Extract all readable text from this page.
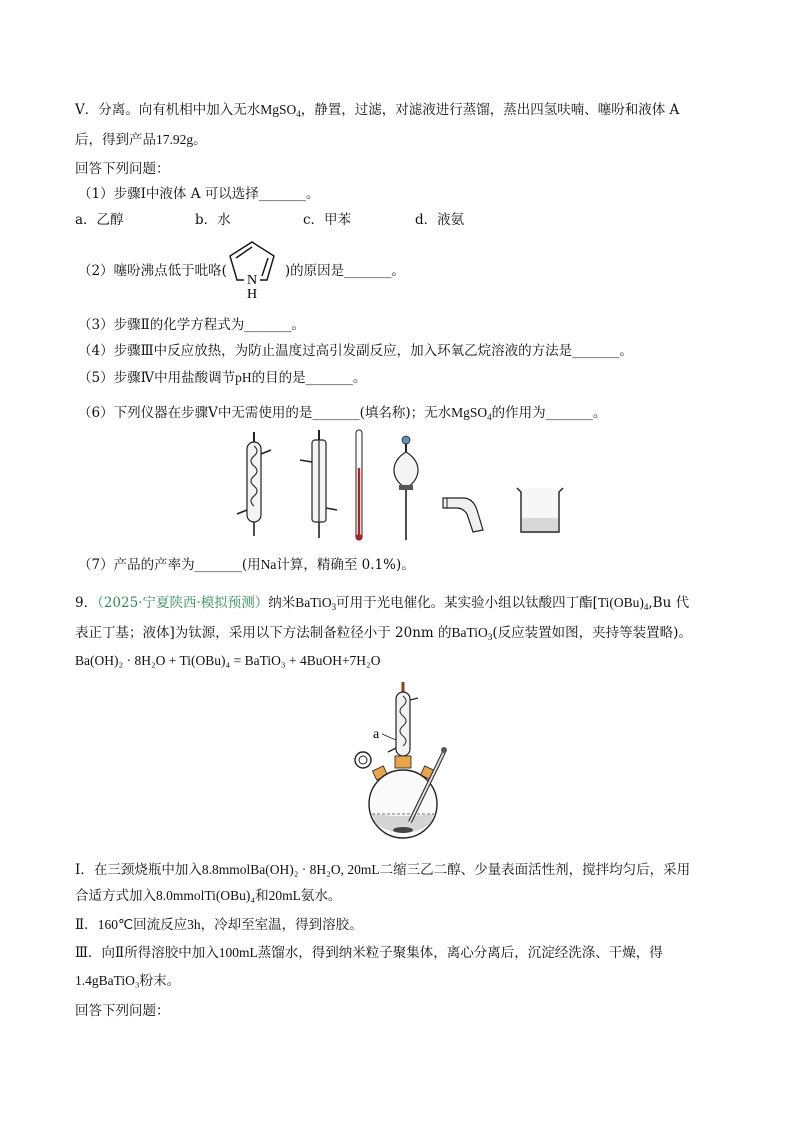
Ⅴ．分离。向有机相中加入无水MgSO$_4$，静置，过滤，对滤液进行蒸馏，蒸出四氢呋喃、噻吩和液体 A
后，得到产品17.92g。
回答下列问题：
（1）步骤Ⅰ中液体 A 可以选择_______。
a．乙醇	b．水	c．甲苯	d．液氨
（2）噻吩沸点低于吡咯(	)的原因是_______。
N
H
（3）步骤Ⅱ的化学方程式为_______。
（4）步骤Ⅲ中反应放热，为防止温度过高引发副反应，加入环氧乙烷溶液的方法是_______。
（5）步骤Ⅳ中用盐酸调节pH的目的是_______。
（6）下列仪器在步骤Ⅴ中无需使用的是_______(填名称)；无水MgSO$_4$的作用为_______。
（7）产品的产率为_______(用Na计算，精确至 0.1%)。
9．（2025·宁夏陕西·模拟预测）纳米BaTiO$_3$可用于光电催化。某实验小组以钛酸四丁酯[$Ti(OBu)_4,Bu$ 代
表正丁基；液体]为钛源，采用以下方法制备粒径小于 20nm 的BaTiO$_3$(反应装置如图，夹持等装置略)。
Ba(OH)₂ · 8H₂O + Ti(OBu)₄ = BaTiO₃ + 4BuOH+7H₂O
a
Ⅰ．在三颈烧瓶中加入8.8mmolBa(OH)₂ · 8H₂O, 20mL二缩三乙二醇、少量表面活性剂，搅拌均匀后，采用
合适方式加入8.0mmolTi(OBu)₄和20mL氨水。
Ⅱ．160℃回流反应3h，冷却至室温，得到溶胶。
Ⅲ．向Ⅱ所得溶胶中加入100mL蒸馏水，得到纳米粒子聚集体，离心分离后，沉淀经洗涤、干燥，得
1.4gBaTiO₃粉末。
回答下列问题：
